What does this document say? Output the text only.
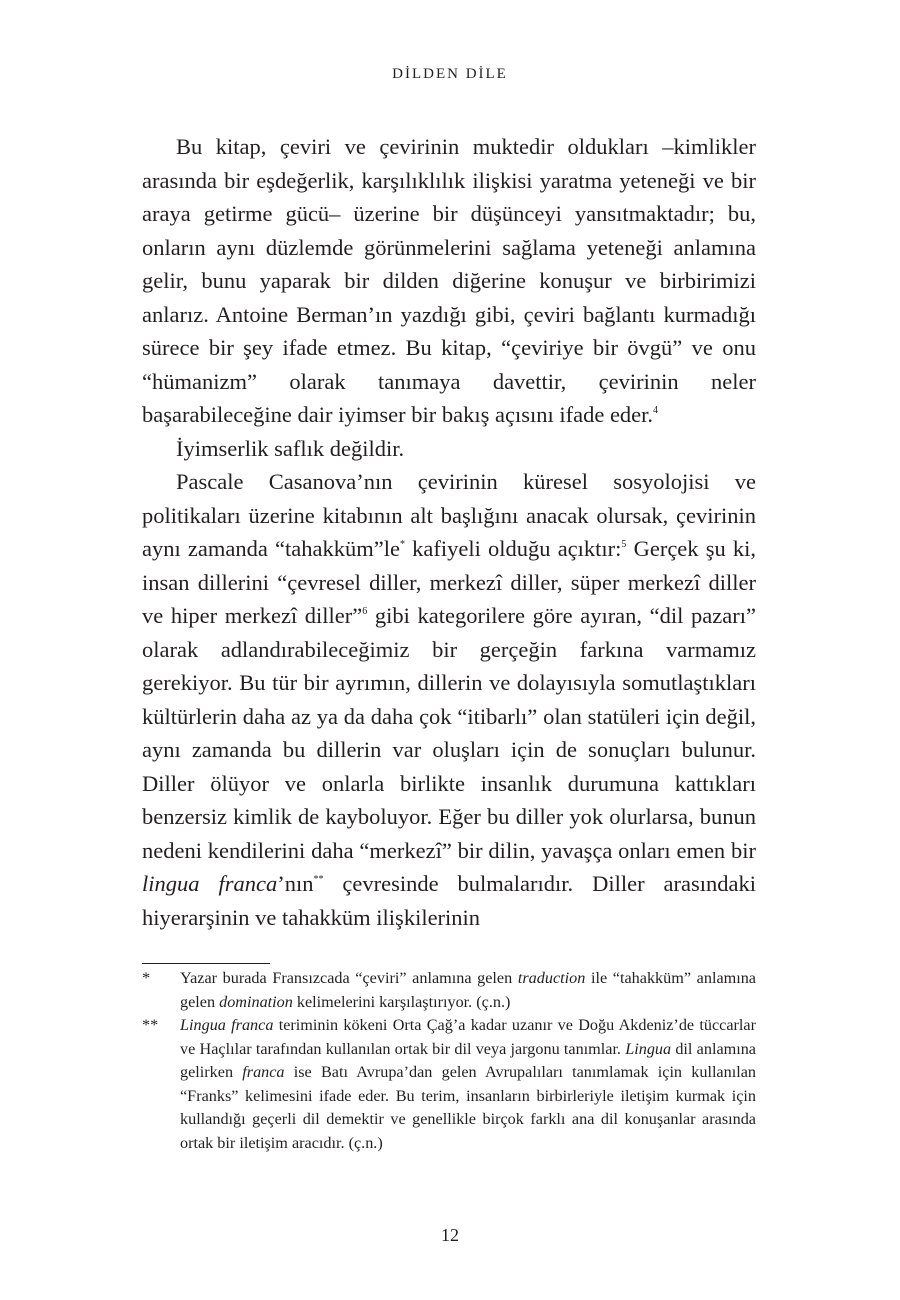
DİLDEN DİLE

Bu kitap, çeviri ve çevirinin muktedir oldukları –kimlikler arasında bir eşdeğerlik, karşılıklılık ilişkisi yaratma yeteneği ve bir araya getirme gücü– üzerine bir düşünceyi yansıtmaktadır; bu, onların aynı düzlemde görünmelerini sağlama yeteneği anlamına gelir, bunu yaparak bir dilden diğerine konuşur ve birbirimizi anlarız. Antoine Berman’ın yazdığı gibi, çeviri bağlantı kurmadığı sürece bir şey ifade etmez. Bu kitap, “çeviriye bir övgü” ve onu “hümanizm” olarak tanımaya davettir, çevirinin neler başarabileceğine dair iyimser bir bakış açısını ifade eder.$^4$

İyimserlik saflık değildir.

Pascale Casanova’nın çevirinin küresel sosyolojisi ve politikaları üzerine kitabının alt başlığını anacak olursak, çevirinin aynı zamanda “tahakküm”le* kafiyeli olduğu açıktır:$^5$ Gerçek şu ki, insan dillerini “çevresel diller, merkezî diller, süper merkezî diller ve hiper merkezî diller”$^6$ gibi kategorilere göre ayıran, “dil pazarı” olarak adlandırabileceğimiz bir gerçeğin farkına varmamız gerekiyor. Bu tür bir ayrımın, dillerin ve dolayısıyla somutlaştıkları kültürlerin daha az ya da daha çok “itibarlı” olan statüleri için değil, aynı zamanda bu dillerin var oluşları için de sonuçları bulunur. Diller ölüyor ve onlarla birlikte insanlık durumuna kattıkları benzersiz kimlik de kayboluyor. Eğer bu diller yok olurlarsa, bunun nedeni kendilerini daha “merkezî” bir dilin, yavaşça onları emen bir lingua franca’nın** çevresinde bulmalarıdır. Diller arasındaki hiyerarşinin ve tahakküm ilişkilerinin

*	Yazar burada Fransızcada “çeviri” anlamına gelen traduction ile “tahakküm” anlamına gelen domination kelimelerini karşılaştırıyor. (ç.n.)
**	Lingua franca teriminin kökeni Orta Çağ’a kadar uzanır ve Doğu Akdeniz’de tüccarlar ve Haçlılar tarafından kullanılan ortak bir dil veya jargonu tanımlar. Lingua dil anlamına gelirken franca ise Batı Avrupa’dan gelen Avrupalıları tanımlamak için kullanılan “Franks” kelimesini ifade eder. Bu terim, insanların birbirleriyle iletişim kurmak için kullandığı geçerli dil demektir ve genellikle birçok farklı ana dil konuşanlar arasında ortak bir iletişim aracıdır. (ç.n.)
12
